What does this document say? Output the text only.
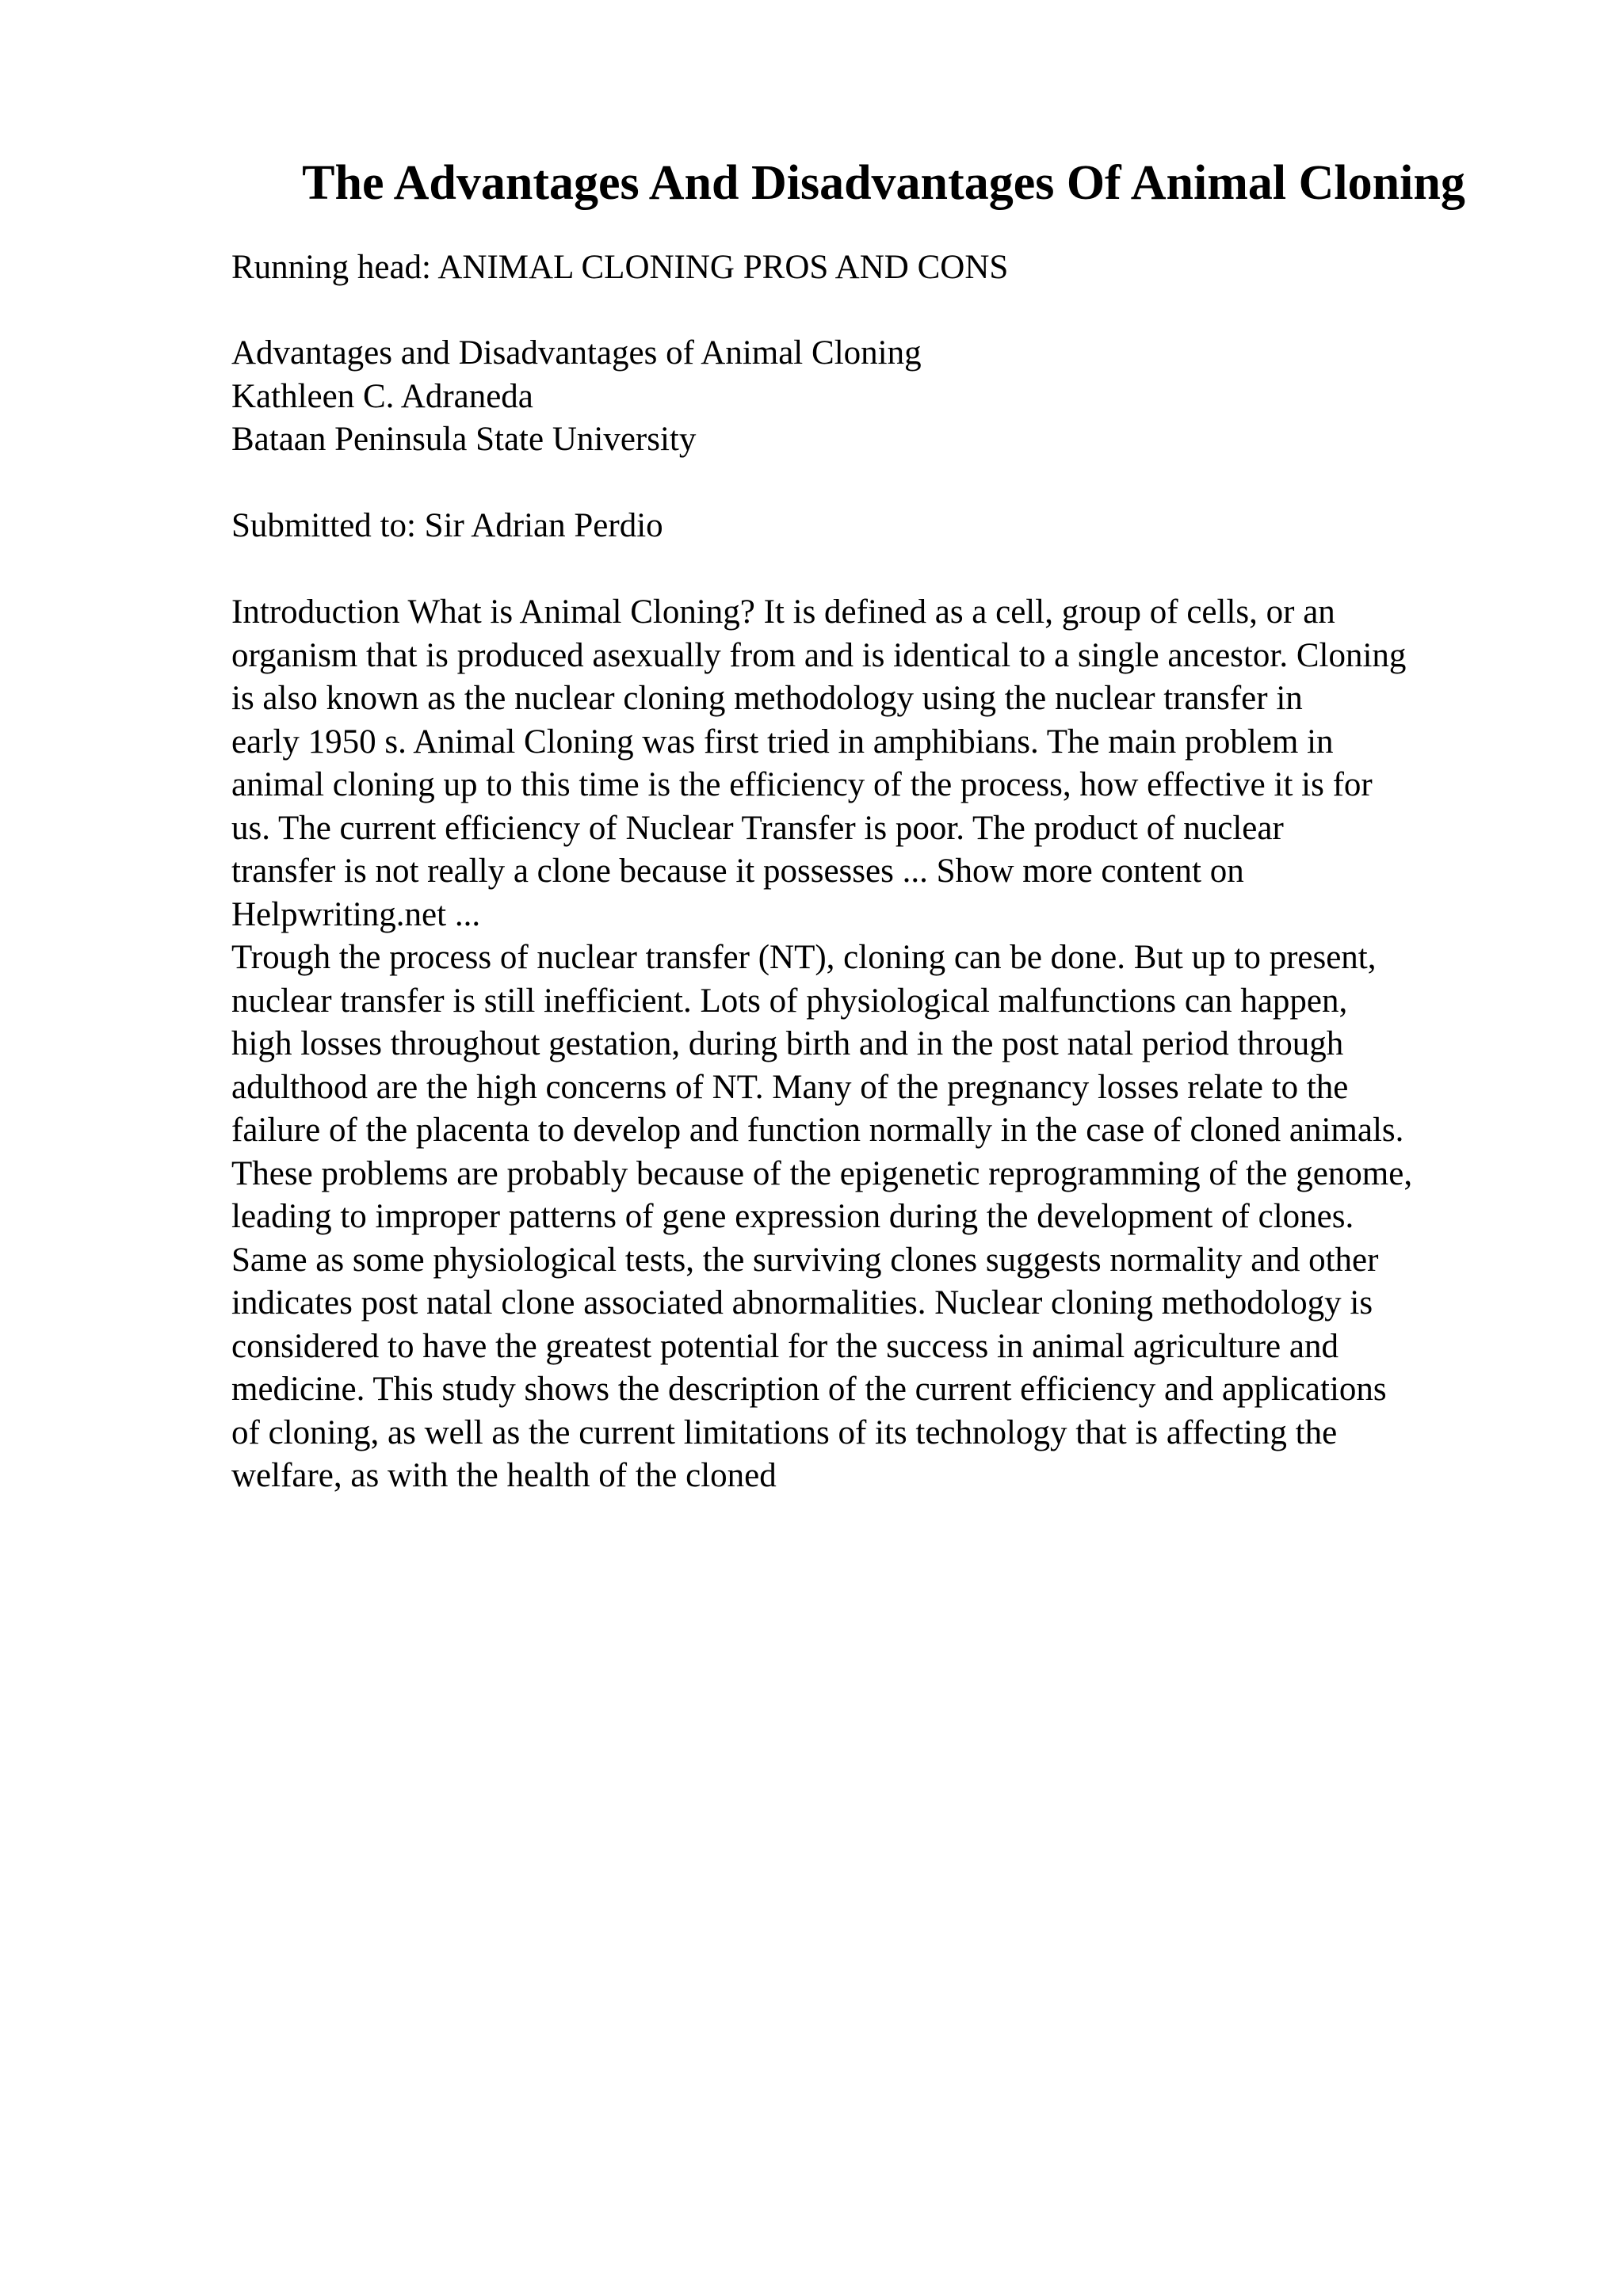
The Advantages And Disadvantages Of Animal Cloning

Running head: ANIMAL CLONING PROS AND CONS

Advantages and Disadvantages of Animal Cloning
Kathleen C. Adraneda
Bataan Peninsula State University

Submitted to: Sir Adrian Perdio

Introduction What is Animal Cloning? It is defined as a cell, group of cells, or an
organism that is produced asexually from and is identical to a single ancestor. Cloning
is also known as the nuclear cloning methodology using the nuclear transfer in
early 1950 s. Animal Cloning was first tried in amphibians. The main problem in
animal cloning up to this time is the efficiency of the process, how effective it is for
us. The current efficiency of Nuclear Transfer is poor. The product of nuclear
transfer is not really a clone because it possesses ... Show more content on
Helpwriting.net ...
Trough the process of nuclear transfer (NT), cloning can be done. But up to present,
nuclear transfer is still inefficient. Lots of physiological malfunctions can happen,
high losses throughout gestation, during birth and in the post natal period through
adulthood are the high concerns of NT. Many of the pregnancy losses relate to the
failure of the placenta to develop and function normally in the case of cloned animals.
These problems are probably because of the epigenetic reprogramming of the genome,
leading to improper patterns of gene expression during the development of clones.
Same as some physiological tests, the surviving clones suggests normality and other
indicates post natal clone associated abnormalities. Nuclear cloning methodology is
considered to have the greatest potential for the success in animal agriculture and
medicine. This study shows the description of the current efficiency and applications
of cloning, as well as the current limitations of its technology that is affecting the
welfare, as with the health of the cloned
